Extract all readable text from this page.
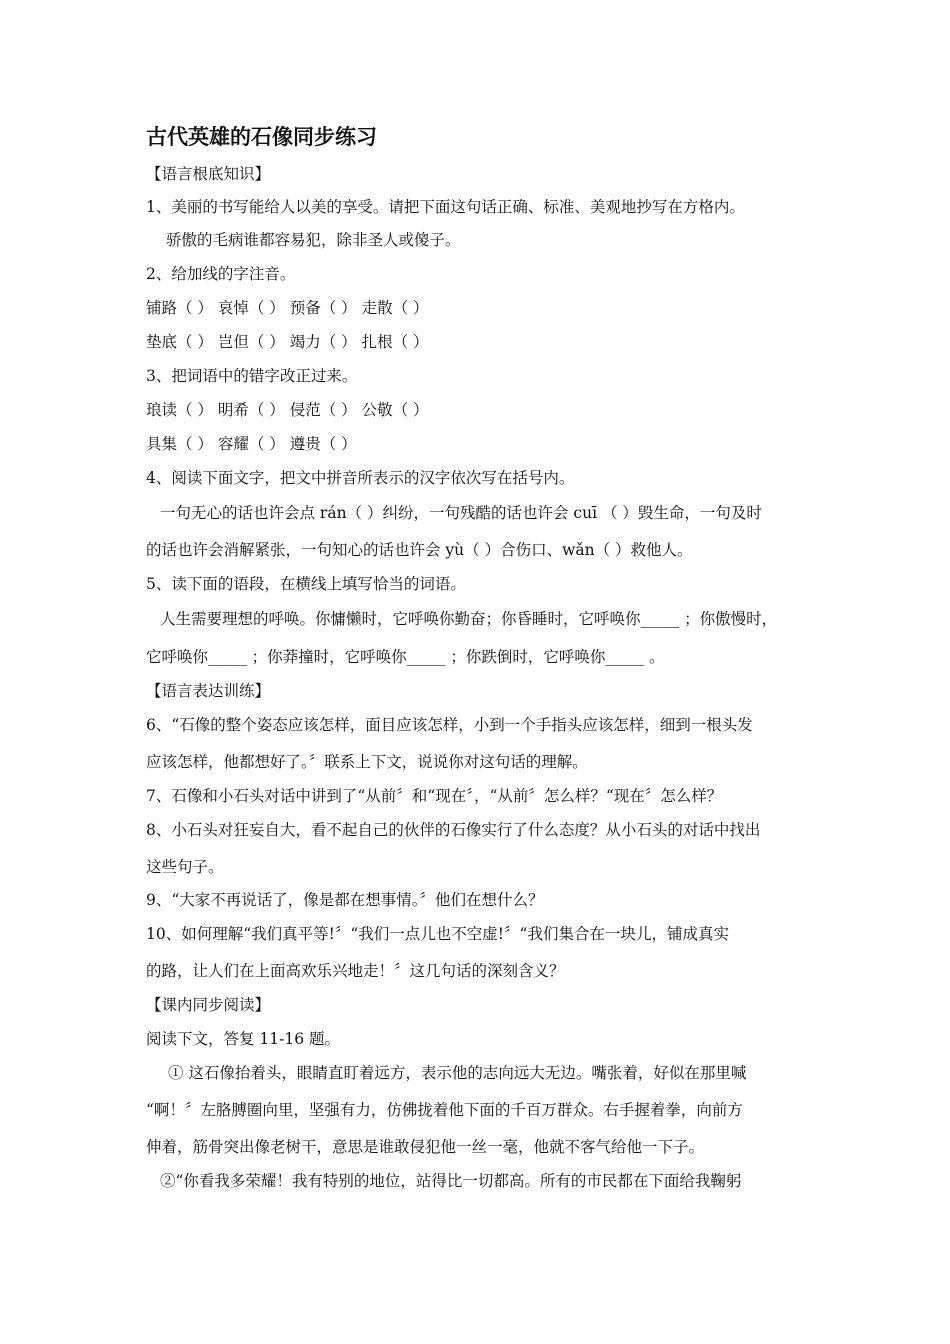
古代英雄的石像同步练习
【语言根底知识】
1、美丽的书写能给人以美的享受。请把下面这句话正确、标准、美观地抄写在方格内。
骄傲的毛病谁都容易犯，除非圣人或傻子。
2、给加线的字注音。
铺路（ ） 哀悼（ ） 预备（ ） 走散（ ）
垫底（ ） 岂但（ ） 竭力（ ） 扎根（ ）
3、把词语中的错字改正过来。
琅读（ ） 明希（ ） 侵范（ ） 公敬（ ）
具集（ ） 容耀（ ） 遵贵（ ）
4、阅读下面文字，把文中拼音所表示的汉字依次写在括号内。
一句无心的话也许会点 rán（ ）纠纷，一句残酷的话也许会 cuī （ ）毁生命，一句及时
的话也许会消解紧张，一句知心的话也许会 yù（ ）合伤口、wǎn（ ）救他人。
5、读下面的语段，在横线上填写恰当的词语。
人生需要理想的呼唤。你慵懒时，它呼唤你勤奋；你昏睡时，它呼唤你_____ ；你傲慢时，
它呼唤你_____ ；你莽撞时，它呼唤你_____ ；你跌倒时，它呼唤你_____ 。
【语言表达训练】
6、“石像的整个姿态应该怎样，面目应该怎样，小到一个手指头应该怎样，细到一根头发
应该怎样，他都想好了。〞联系上下文，说说你对这句话的理解。
7、石像和小石头对话中讲到了“从前〞和“现在〞，“从前〞怎么样？“现在〞怎么样？
8、小石头对狂妄自大，看不起自己的伙伴的石像实行了什么态度？从小石头的对话中找出
这些句子。
9、“大家不再说话了，像是都在想事情。〞他们在想什么？
10、如何理解“我们真平等!〞“我们一点儿也不空虚!〞“我们集合在一块儿，铺成真实
的路，让人们在上面高欢乐兴地走！〞这几句话的深刻含义？
【课内同步阅读】
阅读下文，答复 11-16 题。
① 这石像抬着头，眼睛直盯着远方，表示他的志向远大无边。嘴张着，好似在那里喊
“啊！〞左胳膊圈向里，坚强有力，仿佛拢着他下面的千百万群众。右手握着拳，向前方
伸着，筋骨突出像老树干，意思是谁敢侵犯他一丝一毫，他就不客气给他一下子。
②“你看我多荣耀！我有特别的地位，站得比一切都高。所有的市民都在下面给我鞠躬
